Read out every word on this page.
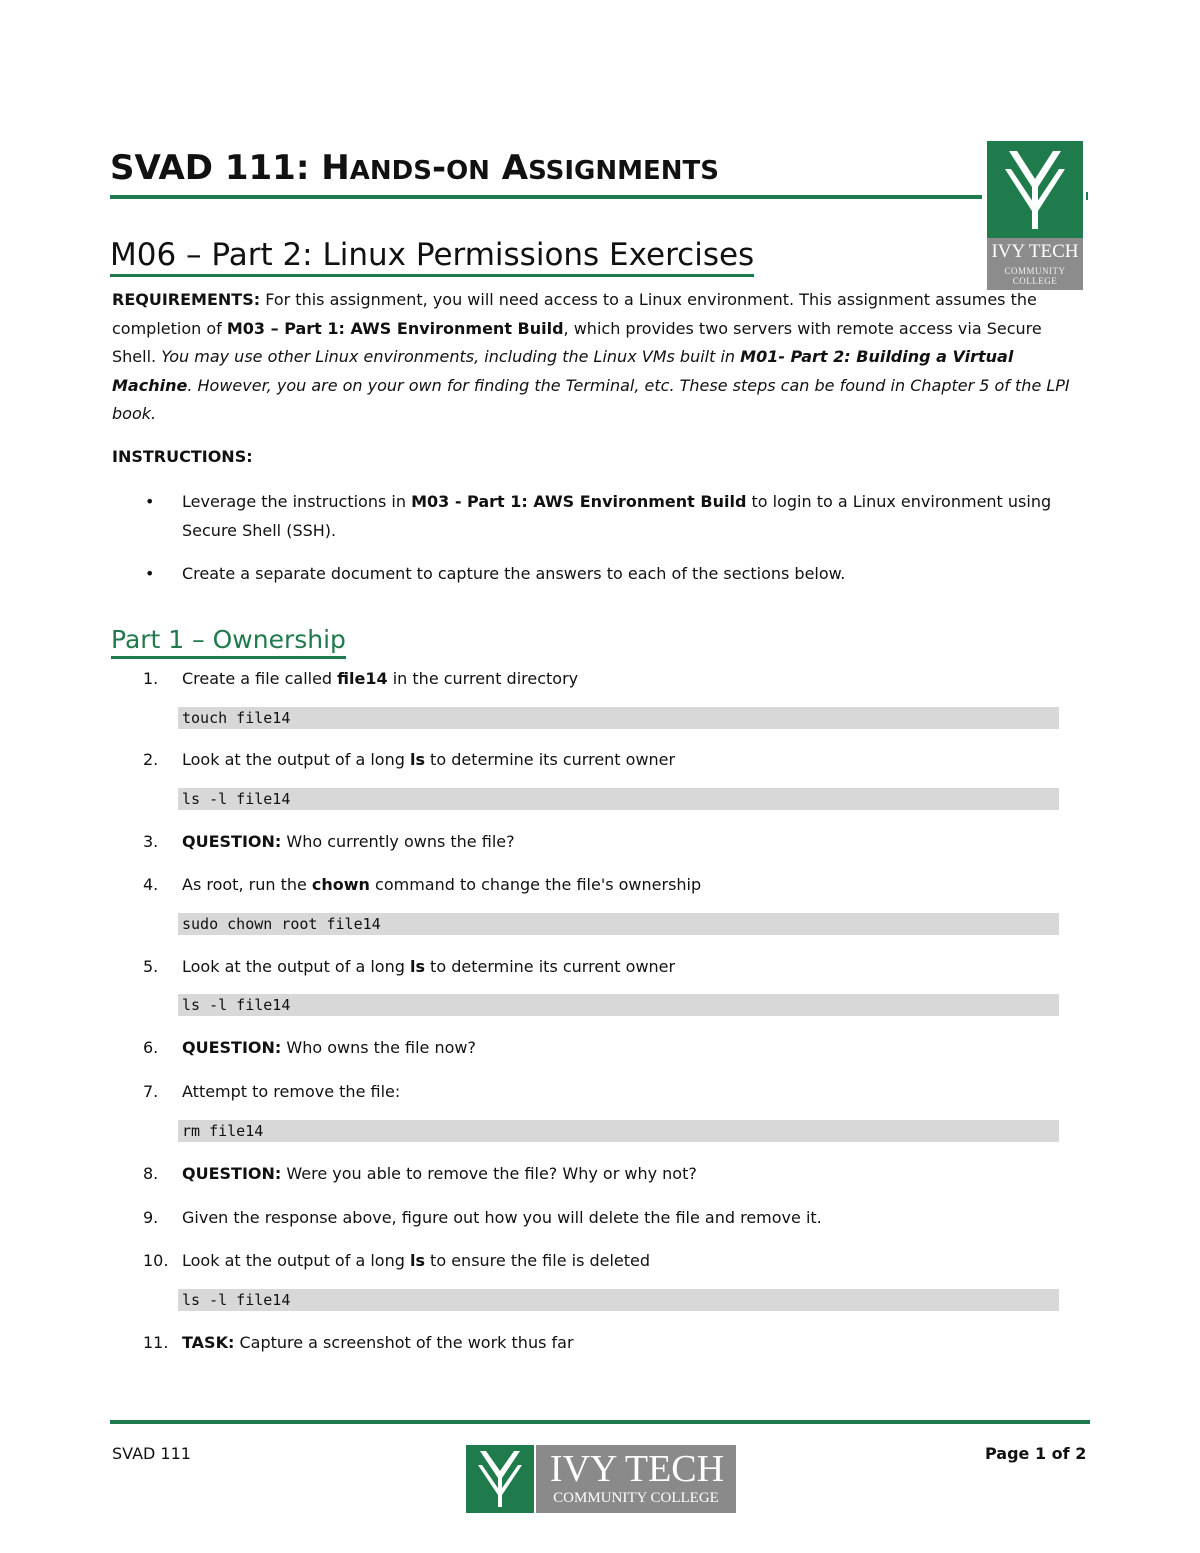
SVAD 111: HANDS-ON ASSIGNMENTS
IVY TECH
COMMUNITY COLLEGE
M06 – Part 2: Linux Permissions Exercises
REQUIREMENTS: For this assignment, you will need access to a Linux environment. This assignment assumes the completion of M03 – Part 1: AWS Environment Build, which provides two servers with remote access via Secure Shell. You may use other Linux environments, including the Linux VMs built in M01- Part 2: Building a Virtual Machine. However, you are on your own for finding the Terminal, etc. These steps can be found in Chapter 5 of the LPI book.
INSTRUCTIONS:
• Leverage the instructions in M03 - Part 1: AWS Environment Build to login to a Linux environment using Secure Shell (SSH).
• Create a separate document to capture the answers to each of the sections below.
Part 1 – Ownership
1.	Create a file called file14 in the current directory
touch file14
2.	Look at the output of a long ls to determine its current owner
ls -l file14
3.	QUESTION: Who currently owns the file?
4.	As root, run the chown command to change the file's ownership
sudo chown root file14
5.	Look at the output of a long ls to determine its current owner
ls -l file14
6.	QUESTION: Who owns the file now?
7.	Attempt to remove the file:
rm file14
8.	QUESTION: Were you able to remove the file? Why or why not?
9.	Given the response above, figure out how you will delete the file and remove it.
10. Look at the output of a long ls to ensure the file is deleted
ls -l file14
11. TASK: Capture a screenshot of the work thus far
SVAD 111	IVY TECH
COMMUNITY COLLEGE
Page 1 of 2
